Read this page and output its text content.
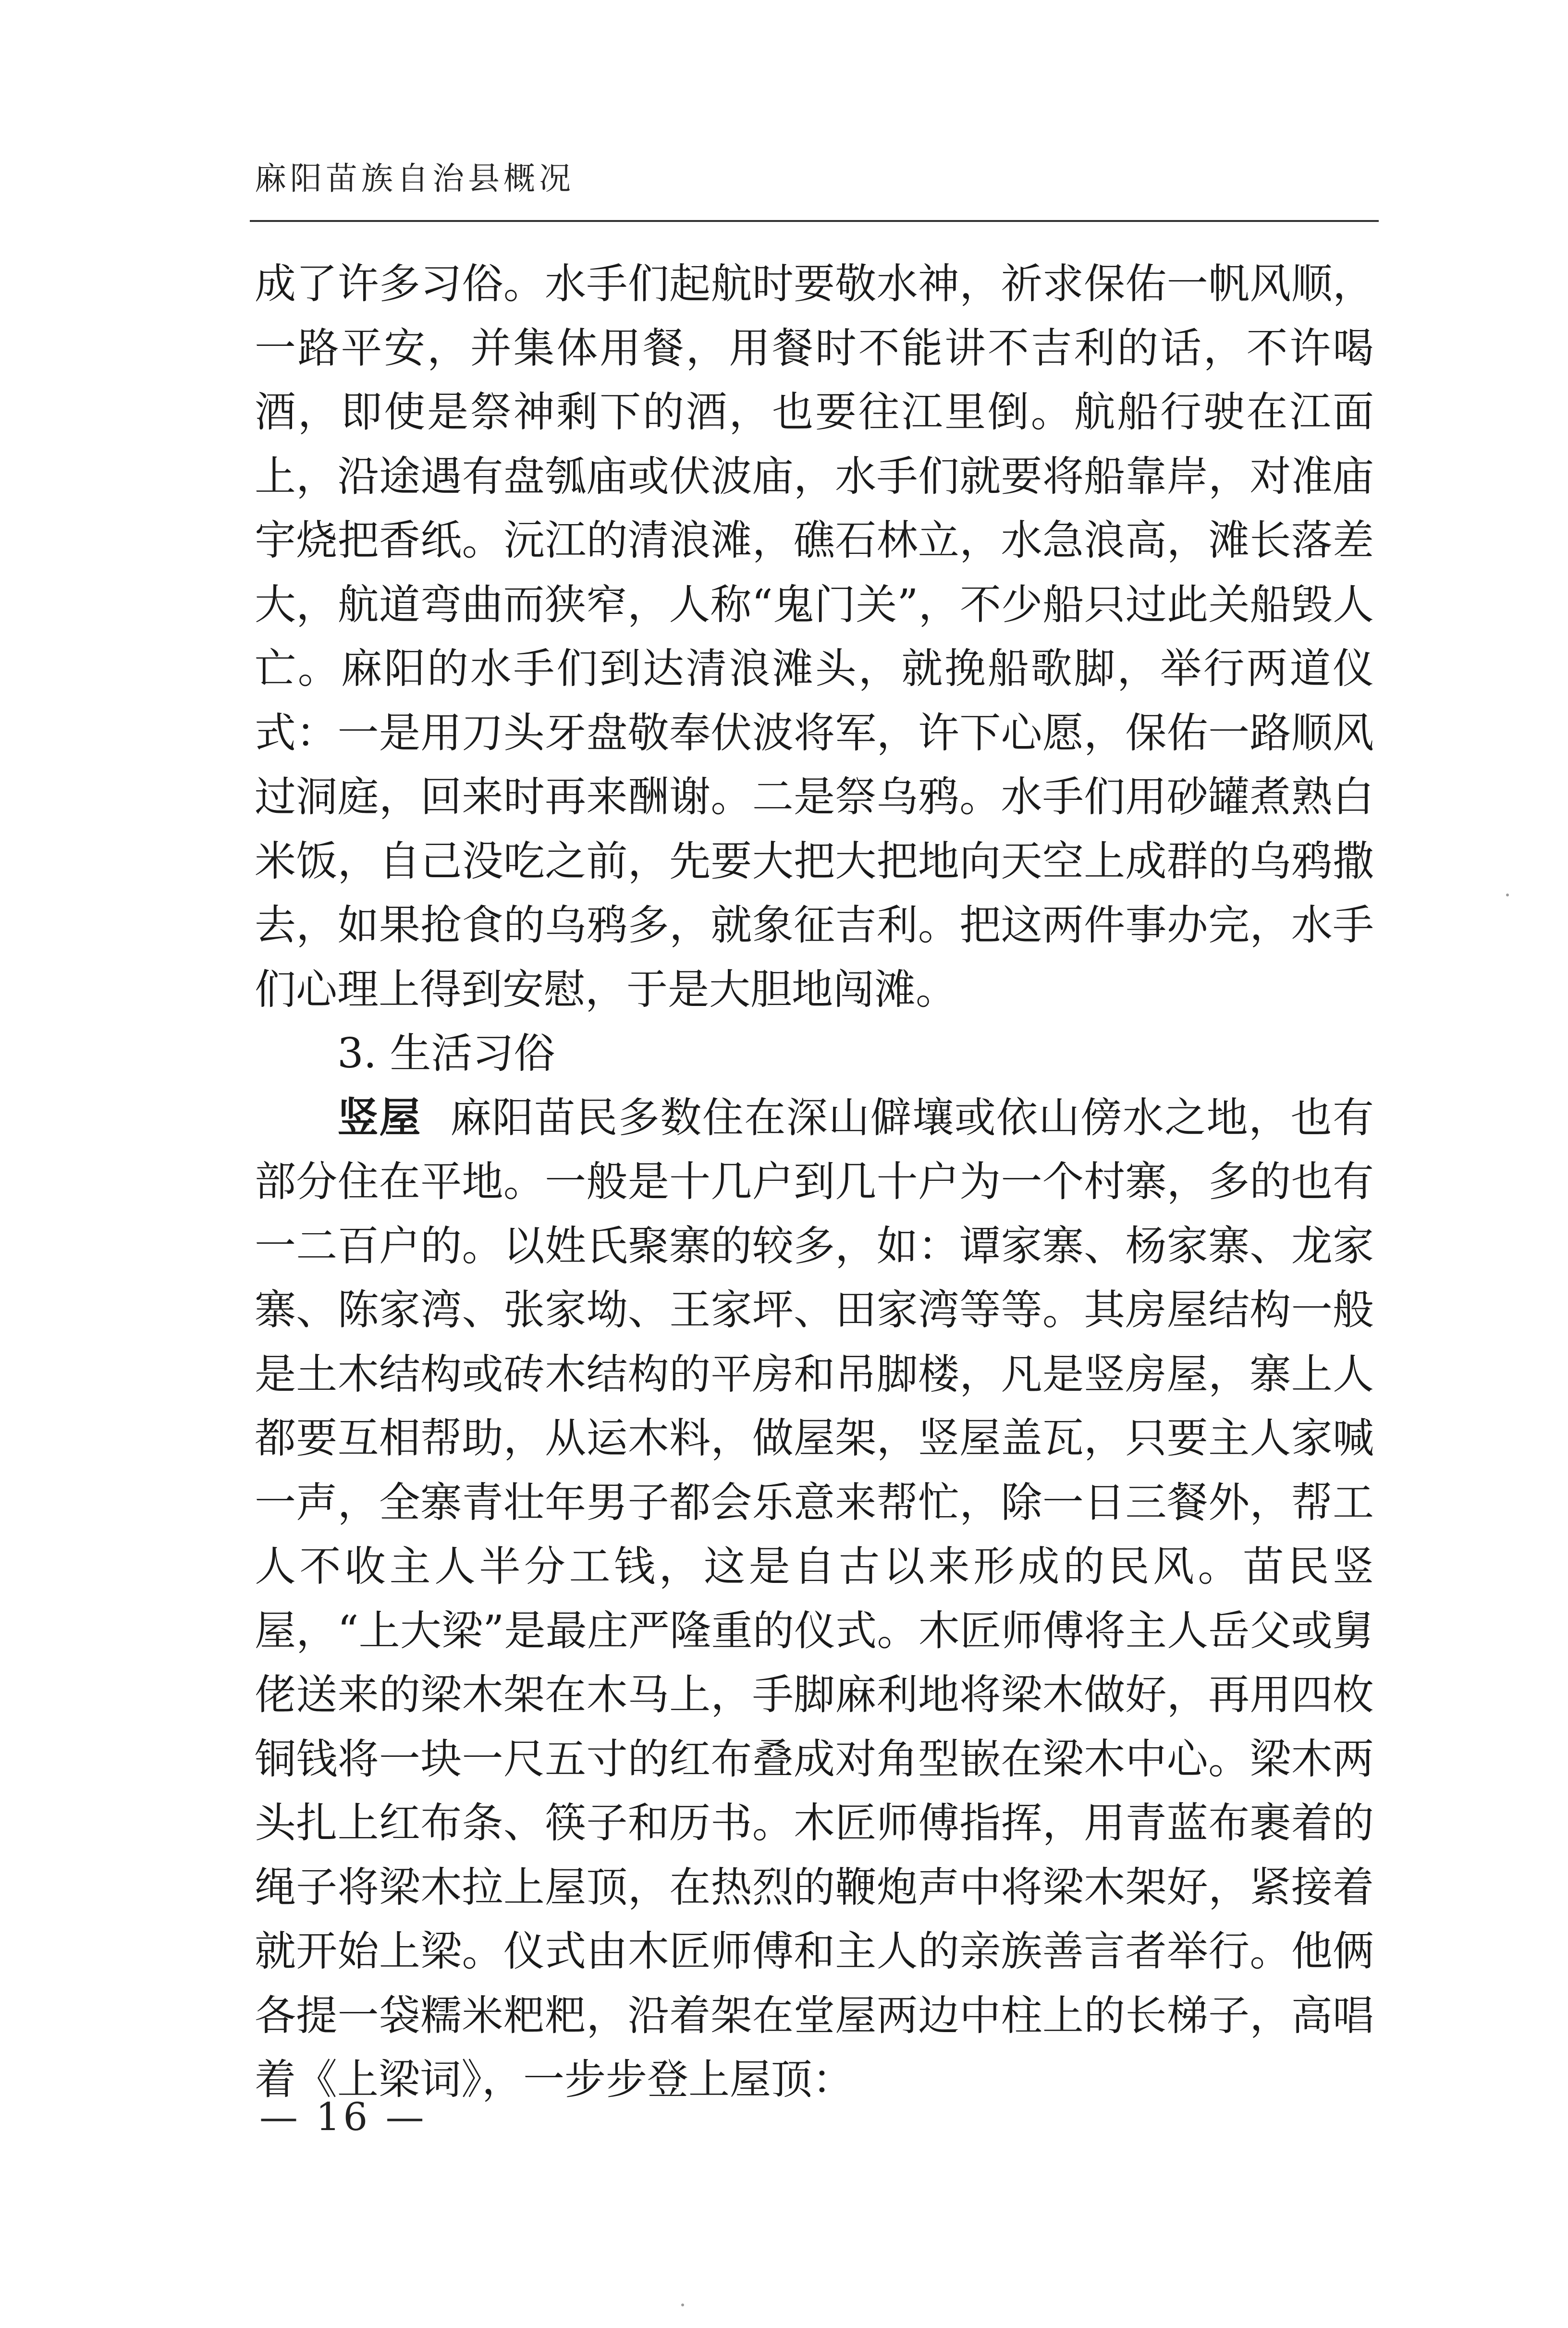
麻阳苗族自治县概况

成了许多习俗。水手们起航时要敬水神，祈求保佑一帆风顺，一路平安，并集体用餐，用餐时不能讲不吉利的话，不许喝酒，即使是祭神剩下的酒，也要往江里倒。航船行驶在江面上，沿途遇有盘瓠庙或伏波庙，水手们就要将船靠岸，对准庙宇烧把香纸。沅江的清浪滩，礁石林立，水急浪高，滩长落差大，航道弯曲而狭窄，人称“鬼门关”，不少船只过此关船毁人亡。麻阳的水手们到达清浪滩头，就挽船歌脚，举行两道仪式：一是用刀头牙盘敬奉伏波将军，许下心愿，保佑一路顺风过洞庭，回来时再来酬谢。二是祭乌鸦。水手们用砂罐煮熟白米饭，自己没吃之前，先要大把大把地向天空上成群的乌鸦撒去，如果抢食的乌鸦多，就象征吉利。把这两件事办完，水手们心理上得到安慰，于是大胆地闯滩。

3. 生活习俗

竖屋 麻阳苗民多数住在深山僻壤或依山傍水之地，也有部分住在平地。一般是十几户到几十户为一个村寨，多的也有一二百户的。以姓氏聚寨的较多，如：谭家寨、杨家寨、龙家寨、陈家湾、张家坳、王家坪、田家湾等等。其房屋结构一般是土木结构或砖木结构的平房和吊脚楼，凡是竖房屋，寨上人都要互相帮助，从运木料，做屋架，竖屋盖瓦，只要主人家喊一声，全寨青壮年男子都会乐意来帮忙，除一日三餐外，帮工人不收主人半分工钱，这是自古以来形成的民风。苗民竖屋，“上大梁”是最庄严隆重的仪式。木匠师傅将主人岳父或舅佬送来的梁木架在木马上，手脚麻利地将梁木做好，再用四枚铜钱将一块一尺五寸的红布叠成对角型嵌在梁木中心。梁木两头扎上红布条、筷子和历书。木匠师傅指挥，用青蓝布裹着的绳子将梁木拉上屋顶，在热烈的鞭炮声中将梁木架好，紧接着就开始上梁。仪式由木匠师傅和主人的亲族善言者举行。他俩各提一袋糯米粑粑，沿着架在堂屋两边中柱上的长梯子，高唱着《上梁词》，一步步登上屋顶：

— 16 —
